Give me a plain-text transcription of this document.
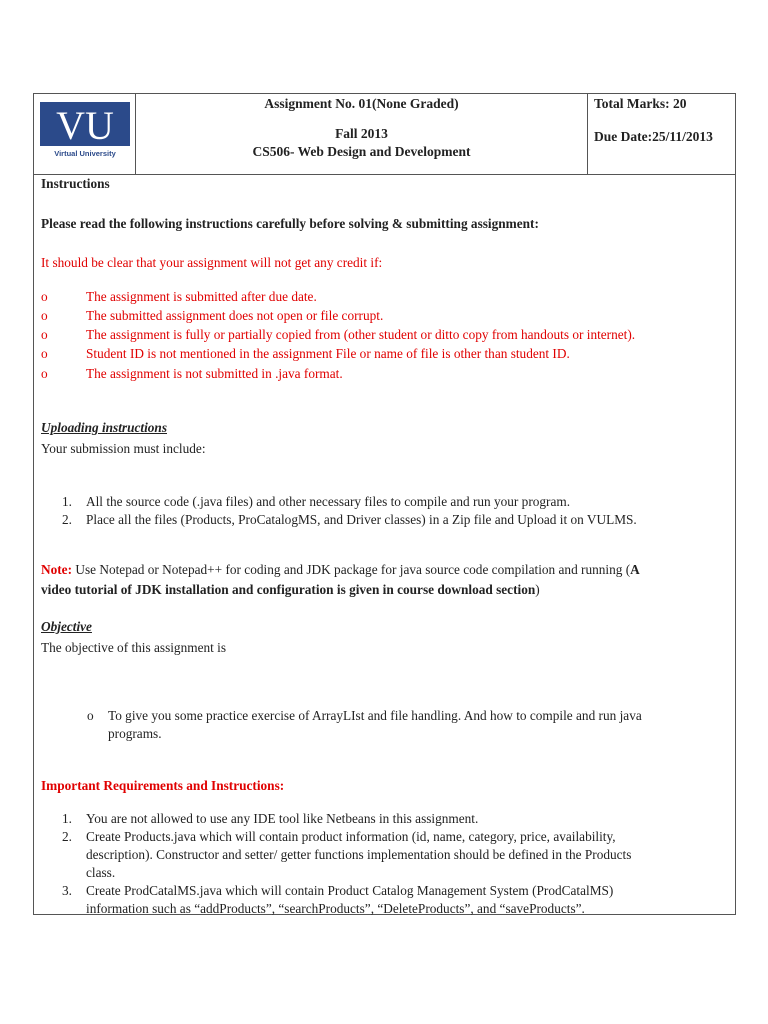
VU
Virtual University
Assignment No. 01(None Graded)
Fall 2013
CS506- Web Design and Development
Total Marks: 20
Due Date:25/11/2013
Instructions
Please read the following instructions carefully before solving & submitting assignment:
It should be clear that your assignment will not get any credit if:
o	The assignment is submitted after due date.
o	The submitted assignment does not open or file corrupt.
o	The assignment is fully or partially copied from (other student or ditto copy from handouts or internet).
o	Student ID is not mentioned in the assignment File or name of file is other than student ID.
o	The assignment is not submitted in .java format.
Uploading instructions
Your submission must include:
1. All the source code (.java files) and other necessary files to compile and run your program.
2. Place all the files (Products, ProCatalogMS, and Driver classes) in a Zip file and Upload it on VULMS.
Note: Use Notepad or Notepad++ for coding and JDK package for java source code compilation and running (A
video tutorial of JDK installation and configuration is given in course download section)
Objective
The objective of this assignment is
o To give you some practice exercise of ArrayLIst and file handling. And how to compile and run java
programs.
Important Requirements and Instructions:
1. You are not allowed to use any IDE tool like Netbeans in this assignment.
2. Create Products.java which will contain product information (id, name, category, price, availability,
description). Constructor and setter/ getter functions implementation should be defined in the Products
class.
3. Create ProdCatalMS.java which will contain Product Catalog Management System (ProdCatalMS)
information such as “addProducts”, “searchProducts”, “DeleteProducts”, and “saveProducts”.
